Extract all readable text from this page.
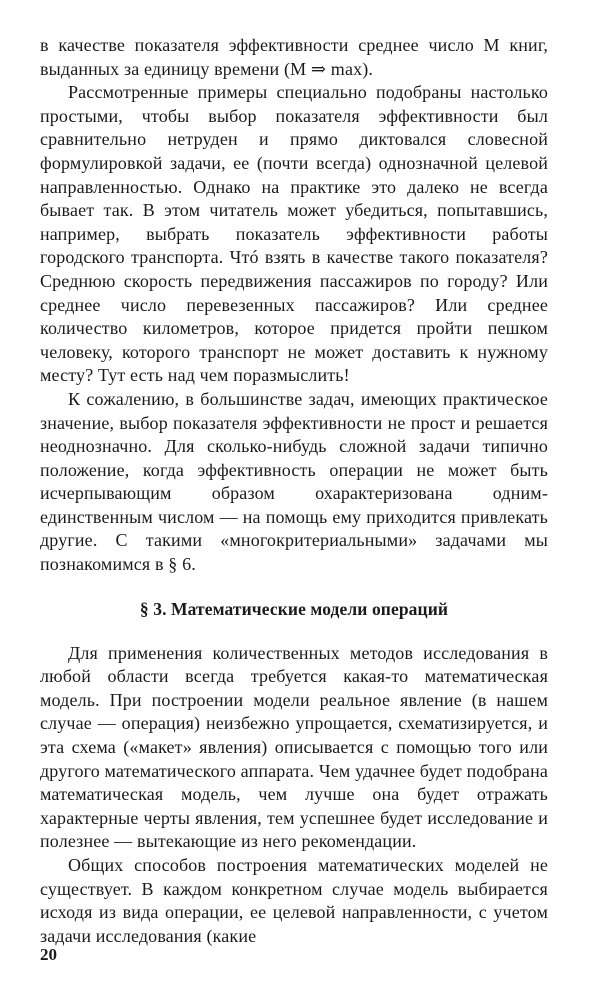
в качестве показателя эффективности среднее число M книг, выданных за единицу времени (M ⇒ max).

Рассмотренные примеры специально подобраны настолько простыми, чтобы выбор показателя эффективности был сравнительно нетруден и прямо диктовался словесной формулировкой задачи, ее (почти всегда) однозначной целевой направленностью. Однако на практике это далеко не всегда бывает так. В этом читатель может убедиться, попытавшись, например, выбрать показатель эффективности работы городского транспорта. Чтó взять в качестве такого показателя? Среднюю скорость передвижения пассажиров по городу? Или среднее число перевезенных пассажиров? Или среднее количество километров, которое придется пройти пешком человеку, которого транспорт не может доставить к нужному месту? Тут есть над чем поразмыслить!

К сожалению, в большинстве задач, имеющих практическое значение, выбор показателя эффективности не прост и решается неоднозначно. Для сколько-нибудь сложной задачи типично положение, когда эффективность операции не может быть исчерпывающим образом охарактеризована одним-единственным числом — на помощь ему приходится привлекать другие. С такими «многокритериальными» задачами мы познакомимся в § 6.

§ 3. Математические модели операций

Для применения количественных методов исследования в любой области всегда требуется какая-то математическая модель. При построении модели реальное явление (в нашем случае — операция) неизбежно упрощается, схематизируется, и эта схема («макет» явления) описывается с помощью того или другого математического аппарата. Чем удачнее будет подобрана математическая модель, чем лучше она будет отражать характерные черты явления, тем успешнее будет исследование и полезнее — вытекающие из него рекомендации.

Общих способов построения математических моделей не существует. В каждом конкретном случае модель выбирается исходя из вида операции, ее целевой направленности, с учетом задачи исследования (какие

20
